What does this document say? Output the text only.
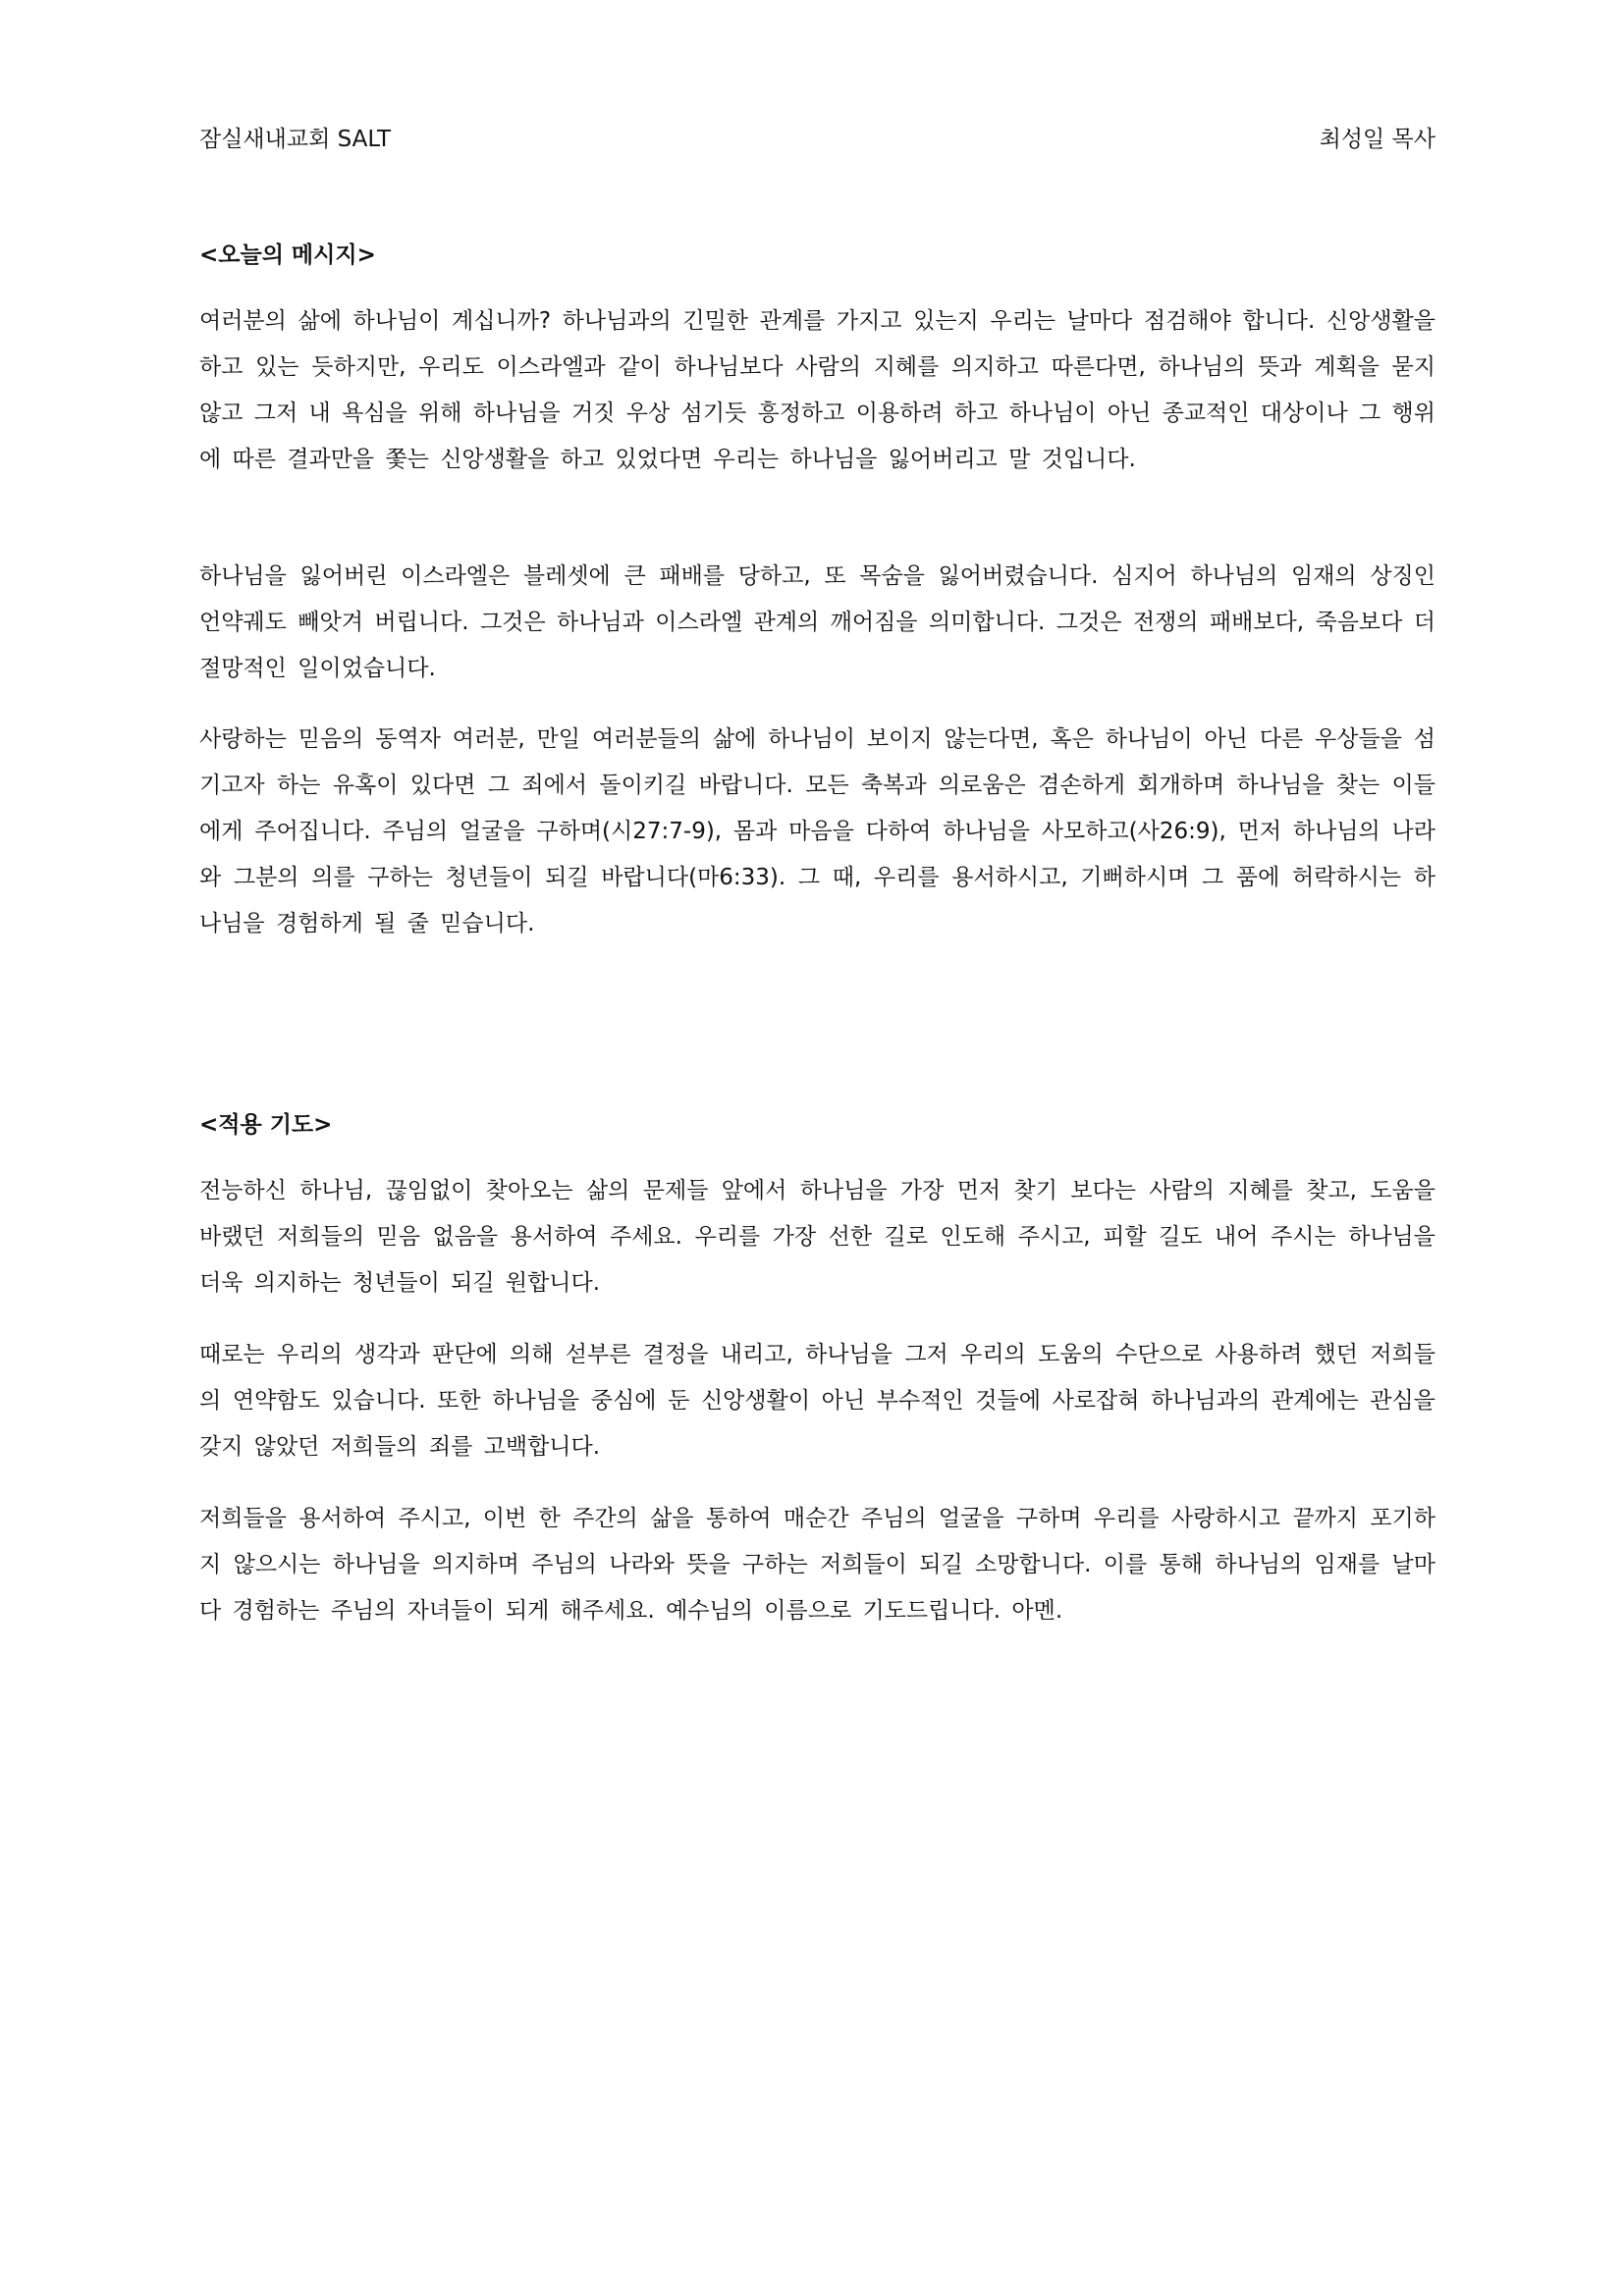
잠실새내교회 SALT	최성일 목사
<오늘의 메시지>

여러분의 삶에 하나님이 계십니까? 하나님과의 긴밀한 관계를 가지고 있는지 우리는 날마다 점검해야 합니다. 신앙생활을 하고 있는 듯하지만, 우리도 이스라엘과 같이 하나님보다 사람의 지혜를 의지하고 따른다면, 하나님의 뜻과 계획을 묻지 않고 그저 내 욕심을 위해 하나님을 거짓 우상 섬기듯 흥정하고 이용하려 하고 하나님이 아닌 종교적인 대상이나 그 행위에 따른 결과만을 쫓는 신앙생활을 하고 있었다면 우리는 하나님을 잃어버리고 말 것입니다.

하나님을 잃어버린 이스라엘은 블레셋에 큰 패배를 당하고, 또 목숨을 잃어버렸습니다. 심지어 하나님의 임재의 상징인 언약궤도 빼앗겨 버립니다. 그것은 하나님과 이스라엘 관계의 깨어짐을 의미합니다. 그것은 전쟁의 패배보다, 죽음보다 더 절망적인 일이었습니다.

사랑하는 믿음의 동역자 여러분, 만일 여러분들의 삶에 하나님이 보이지 않는다면, 혹은 하나님이 아닌 다른 우상들을 섬기고자 하는 유혹이 있다면 그 죄에서 돌이키길 바랍니다. 모든 축복과 의로움은 겸손하게 회개하며 하나님을 찾는 이들에게 주어집니다. 주님의 얼굴을 구하며(시27:7-9), 몸과 마음을 다하여 하나님을 사모하고(사26:9), 먼저 하나님의 나라와 그분의 의를 구하는 청년들이 되길 바랍니다(마6:33). 그 때, 우리를 용서하시고, 기뻐하시며 그 품에 허락하시는 하나님을 경험하게 될 줄 믿습니다.

<적용 기도>

전능하신 하나님, 끊임없이 찾아오는 삶의 문제들 앞에서 하나님을 가장 먼저 찾기 보다는 사람의 지혜를 찾고, 도움을 바랬던 저희들의 믿음 없음을 용서하여 주세요. 우리를 가장 선한 길로 인도해 주시고, 피할 길도 내어 주시는 하나님을 더욱 의지하는 청년들이 되길 원합니다.

때로는 우리의 생각과 판단에 의해 섣부른 결정을 내리고, 하나님을 그저 우리의 도움의 수단으로 사용하려 했던 저희들의 연약함도 있습니다. 또한 하나님을 중심에 둔 신앙생활이 아닌 부수적인 것들에 사로잡혀 하나님과의 관계에는 관심을 갖지 않았던 저희들의 죄를 고백합니다.

저희들을 용서하여 주시고, 이번 한 주간의 삶을 통하여 매순간 주님의 얼굴을 구하며 우리를 사랑하시고 끝까지 포기하지 않으시는 하나님을 의지하며 주님의 나라와 뜻을 구하는 저희들이 되길 소망합니다. 이를 통해 하나님의 임재를 날마다 경험하는 주님의 자녀들이 되게 해주세요. 예수님의 이름으로 기도드립니다. 아멘.
